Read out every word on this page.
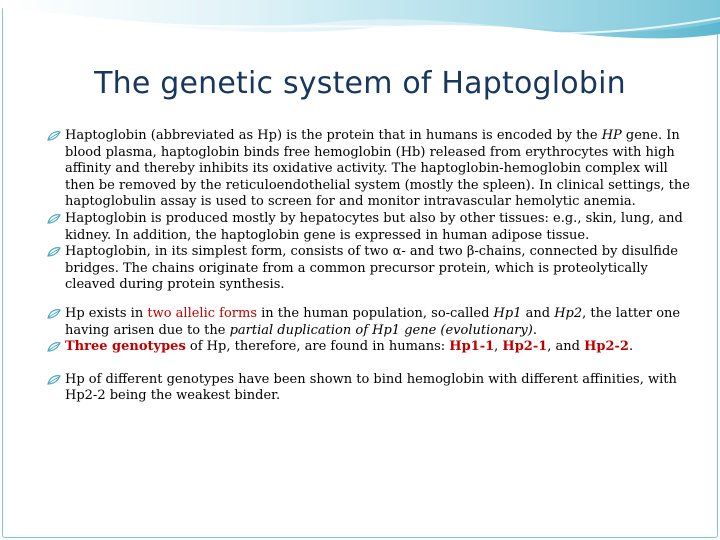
The genetic system of Haptoglobin
Haptoglobin (abbreviated as Hp) is the protein that in humans is encoded by the HP gene. In blood plasma, haptoglobin binds free hemoglobin (Hb) released from erythrocytes with high affinity and thereby inhibits its oxidative activity. The haptoglobin-hemoglobin complex will then be removed by the reticuloendothelial system (mostly the spleen). In clinical settings, the haptoglobulin assay is used to screen for and monitor intravascular hemolytic anemia.
Haptoglobin is produced mostly by hepatocytes but also by other tissues: e.g., skin, lung, and kidney. In addition, the haptoglobin gene is expressed in human adipose tissue.
Haptoglobin, in its simplest form, consists of two α- and two β-chains, connected by disulfide bridges. The chains originate from a common precursor protein, which is proteolytically cleaved during protein synthesis.
Hp exists in two allelic forms in the human population, so-called Hp1 and Hp2, the latter one having arisen due to the partial duplication of Hp1 gene (evolutionary).
Three genotypes of Hp, therefore, are found in humans: Hp1-1, Hp2-1, and Hp2-2.
Hp of different genotypes have been shown to bind hemoglobin with different affinities, with Hp2-2 being the weakest binder.
